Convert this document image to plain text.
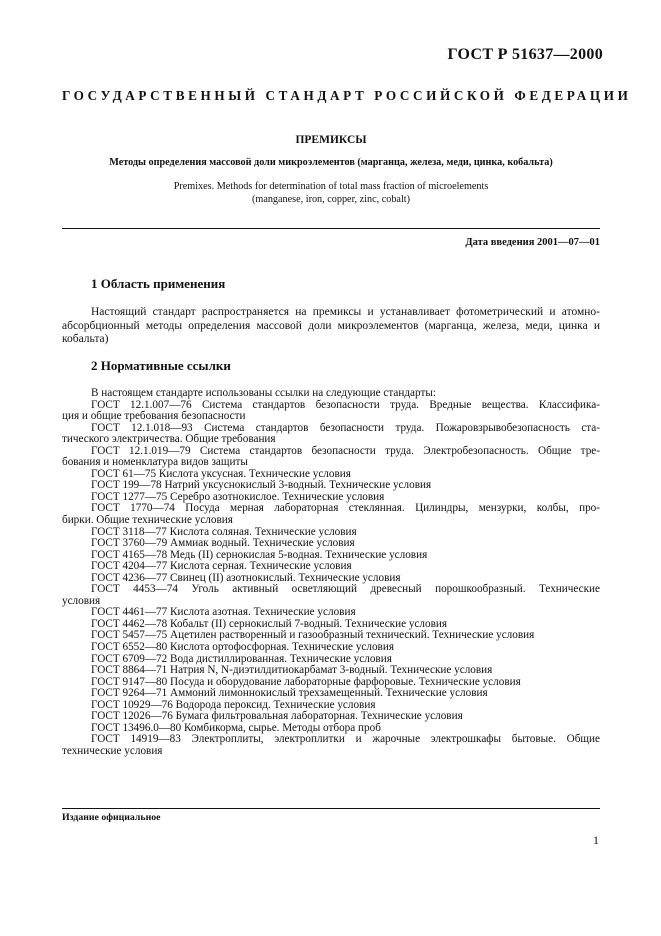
ГОСТ Р 51637—2000
ГОСУДАРСТВЕННЫЙ СТАНДАРТ РОССИЙСКОЙ ФЕДЕРАЦИИ
ПРЕМИКСЫ
Методы определения массовой доли микроэлементов (марганца, железа, меди, цинка, кобальта)
Premixes. Methods for determination of total mass fraction of microelements
(manganese, iron, copper, zinc, cobalt)
Дата введения 2001—07—01
1 Область применения

Настоящий стандарт распространяется на премиксы и устанавливает фотометрический и атомно-абсорбционный методы определения массовой доли микроэлементов (марганца, железа, меди, цинка и кобальта)

2 Нормативные ссылки
В настоящем стандарте использованы ссылки на следующие стандарты:
ГОСТ 12.1.007—76 Система стандартов безопасности труда. Вредные вещества. Классифика-
ция и общие требования безопасности
ГОСТ 12.1.018—93 Система стандартов безопасности труда. Пожаровзрывобезопасность ста-
тического электричества. Общие требования
ГОСТ 12.1.019—79 Система стандартов безопасности труда. Электробезопасность. Общие тре-
бования и номенклатура видов защиты
ГОСТ 61—75 Кислота уксусная. Технические условия
ГОСТ 199—78 Натрий уксуснокислый 3-водный. Технические условия
ГОСТ 1277—75 Серебро азотнокислое. Технические условия
ГОСТ 1770—74 Посуда мерная лабораторная стеклянная. Цилиндры, мензурки, колбы, про-
бирки. Общие технические условия
ГОСТ 3118—77 Кислота соляная. Технические условия
ГОСТ 3760—79 Аммиак водный. Технические условия
ГОСТ 4165—78 Медь (II) сернокислая 5-водная. Технические условия
ГОСТ 4204—77 Кислота серная. Технические условия
ГОСТ 4236—77 Свинец (II) азотнокислый. Технические условия
ГОСТ 4453—74 Уголь активный осветляющий древесный порошкообразный. Технические
условия
ГОСТ 4461—77 Кислота азотная. Технические условия
ГОСТ 4462—78 Кобальт (II) сернокислый 7-водный. Технические условия
ГОСТ 5457—75 Ацетилен растворенный и газообразный технический. Технические условия
ГОСТ 6552—80 Кислота ортофосфорная. Технические условия
ГОСТ 6709—72 Вода дистиллированная. Технические условия
ГОСТ 8864—71 Натрия N, N-диэтилдитиокарбамат 3-водный. Технические условия
ГОСТ 9147—80 Посуда и оборудование лабораторные фарфоровые. Технические условия
ГОСТ 9264—71 Аммоний лимоннокислый трехзамещенный. Технические условия
ГОСТ 10929—76 Водорода пероксид. Технические условия
ГОСТ 12026—76 Бумага фильтровальная лабораторная. Технические условия
ГОСТ 13496.0—80 Комбикорма, сырье. Методы отбора проб
ГОСТ 14919—83 Электроплиты, электроплитки и жарочные электрошкафы бытовые. Общие
технические условия
Издание официальное
1
